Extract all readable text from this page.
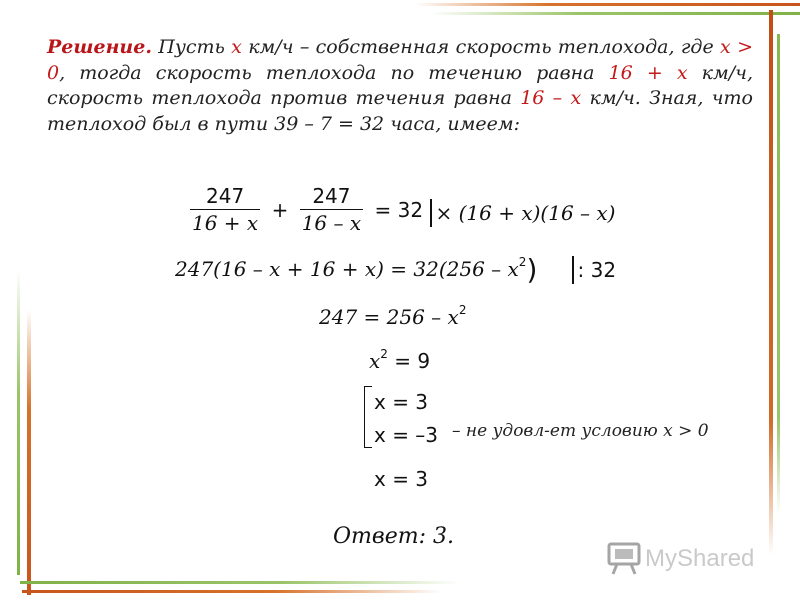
Решение. Пусть x км/ч – собственная скорость теплохода, где x > 0, тогда скорость теплохода по течению равна 16 + x км/ч, скорость теплохода против течения равна 16 – x км/ч. Зная, что теплоход был в пути 39 – 7 = 32 часа, имеем:

$\frac{247}{16 + x} + \frac{247}{16 - x} = 32 \times (16 + x)(16 - x)$
$247(16 - x + 16 + x) = 32(256 - x^2)$ : 32
$247 = 256 - x^2$
$x^2 = 9$
x = 3
x = –3 – не удовл-ет условию x > 0
x = 3
Ответ: 3.
MyShared
